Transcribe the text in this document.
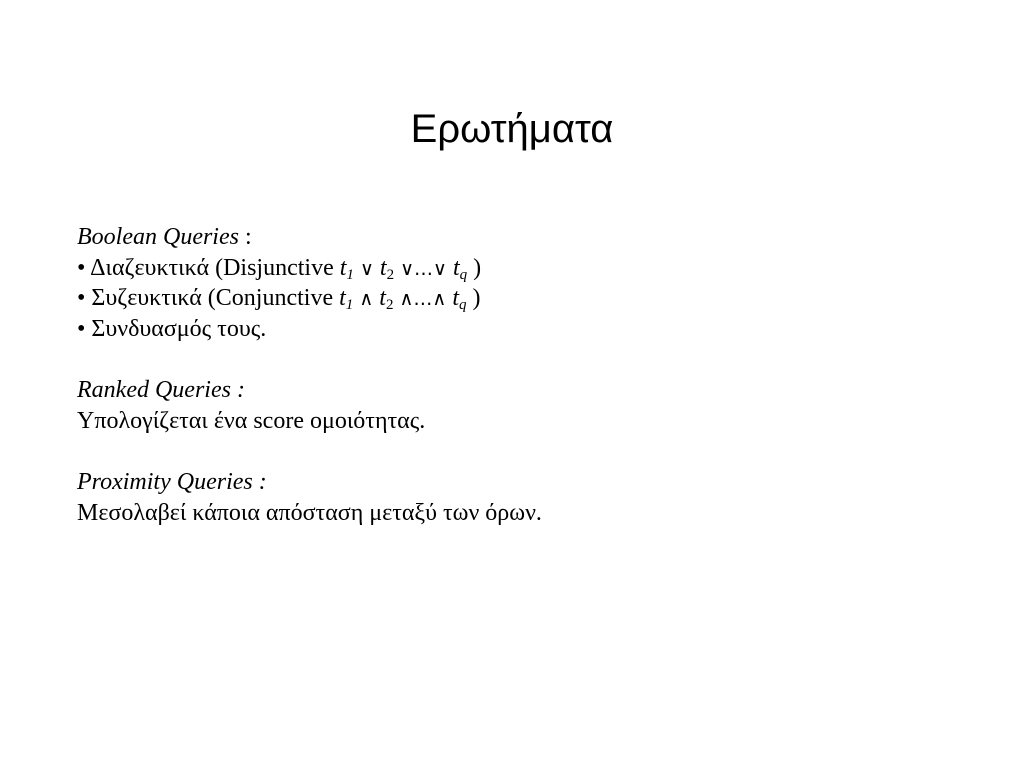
Ερωτήματα
Boolean Queries :
• Διαζευκτικά (Disjunctive $t_1$ ∨ $t_2$ ∨…∨ $t_q$ )
• Συζευκτικά (Conjunctive $t_1$ ∧ $t_2$ ∧…∧ $t_q$ )
• Συνδυασμός τους.
Ranked Queries :
Υπολογίζεται ένα score ομοιότητας.
Proximity Queries :
Μεσολαβεί κάποια απόσταση μεταξύ των όρων.
